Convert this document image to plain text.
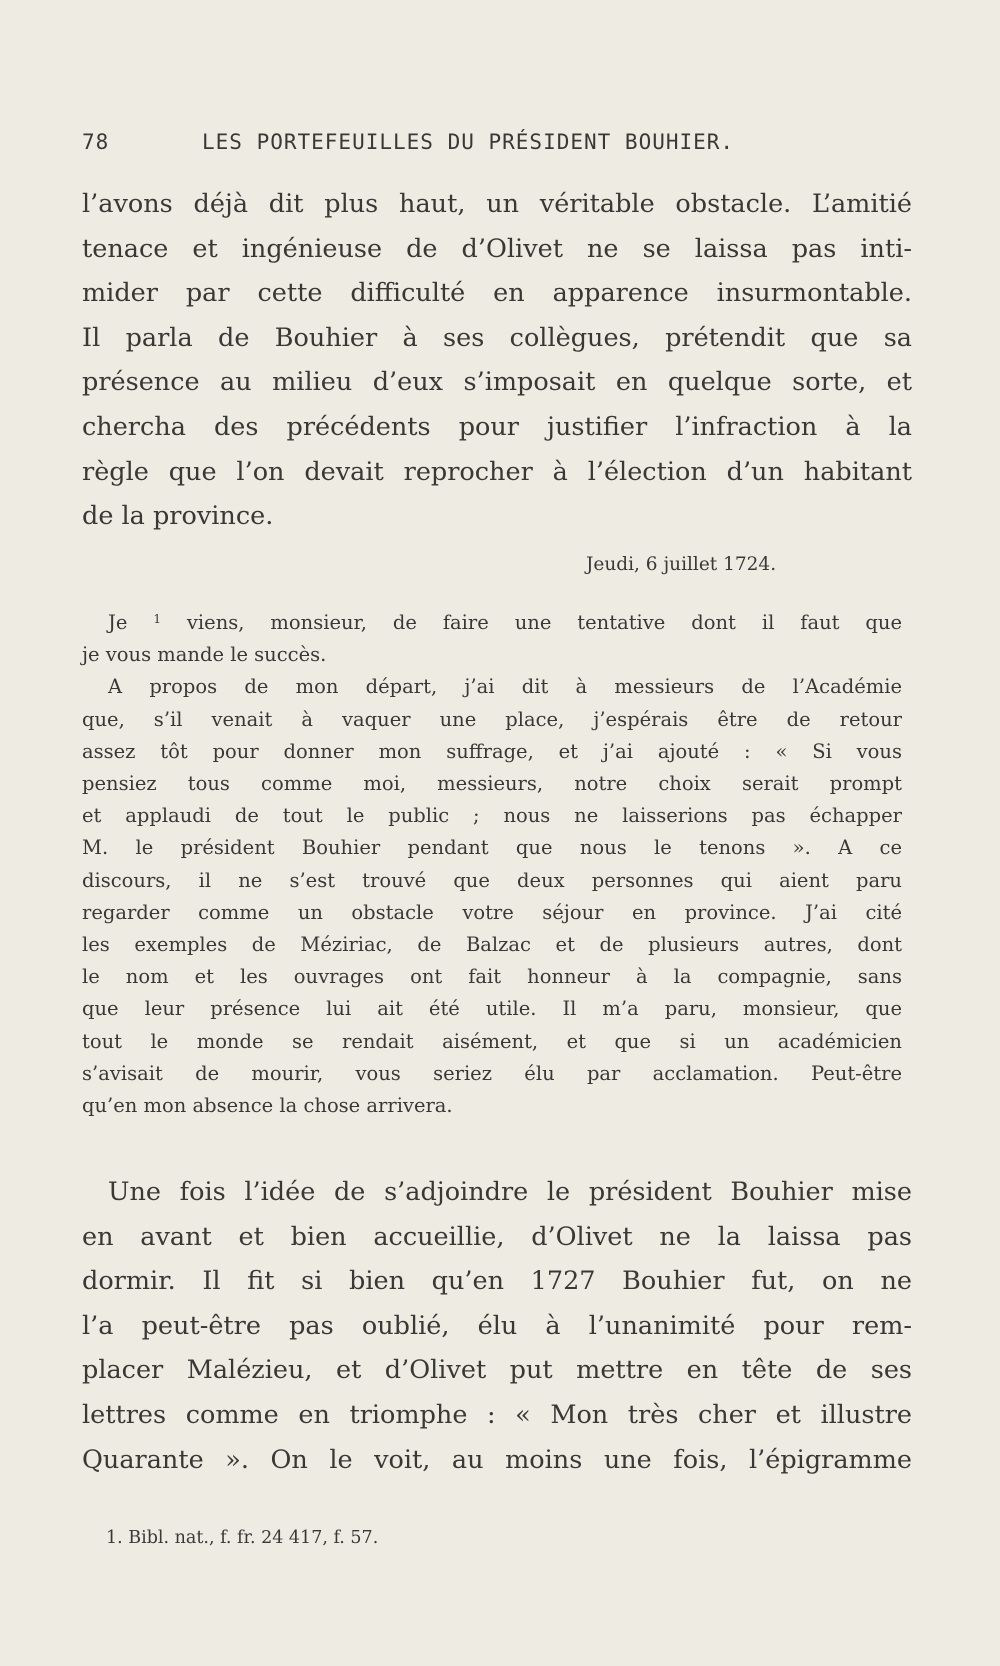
78	LES PORTEFEUILLES DU PRÉSIDENT BOUHIER.
l’avons déjà dit plus haut, un véritable obstacle. L’amitié
tenace et ingénieuse de d’Olivet ne se laissa pas inti-
mider par cette difficulté en apparence insurmontable.
Il parla de Bouhier à ses collègues, prétendit que sa
présence au milieu d’eux s’imposait en quelque sorte, et
chercha des précédents pour justifier l’infraction à la
règle que l’on devait reprocher à l’élection d’un habitant
de la province.
Jeudi, 6 juillet 1724.
Je $^1$ viens, monsieur, de faire une tentative dont il faut que
je vous mande le succès.
A propos de mon départ, j’ai dit à messieurs de l’Académie
que, s’il venait à vaquer une place, j’espérais être de retour
assez tôt pour donner mon suffrage, et j’ai ajouté : « Si vous
pensiez tous comme moi, messieurs, notre choix serait prompt
et applaudi de tout le public ; nous ne laisserions pas échapper
M. le président Bouhier pendant que nous le tenons ». A ce
discours, il ne s’est trouvé que deux personnes qui aient paru
regarder comme un obstacle votre séjour en province. J’ai cité
les exemples de Méziriac, de Balzac et de plusieurs autres, dont
le nom et les ouvrages ont fait honneur à la compagnie, sans
que leur présence lui ait été utile. Il m’a paru, monsieur, que
tout le monde se rendait aisément, et que si un académicien
s’avisait de mourir, vous seriez élu par acclamation. Peut-être
qu’en mon absence la chose arrivera.
Une fois l’idée de s’adjoindre le président Bouhier mise
en avant et bien accueillie, d’Olivet ne la laissa pas
dormir. Il fit si bien qu’en 1727 Bouhier fut, on ne
l’a peut-être pas oublié, élu à l’unanimité pour rem-
placer Malézieu, et d’Olivet put mettre en tête de ses
lettres comme en triomphe : « Mon très cher et illustre
Quarante ». On le voit, au moins une fois, l’épigramme
1. Bibl. nat., f. fr. 24 417, f. 57.
